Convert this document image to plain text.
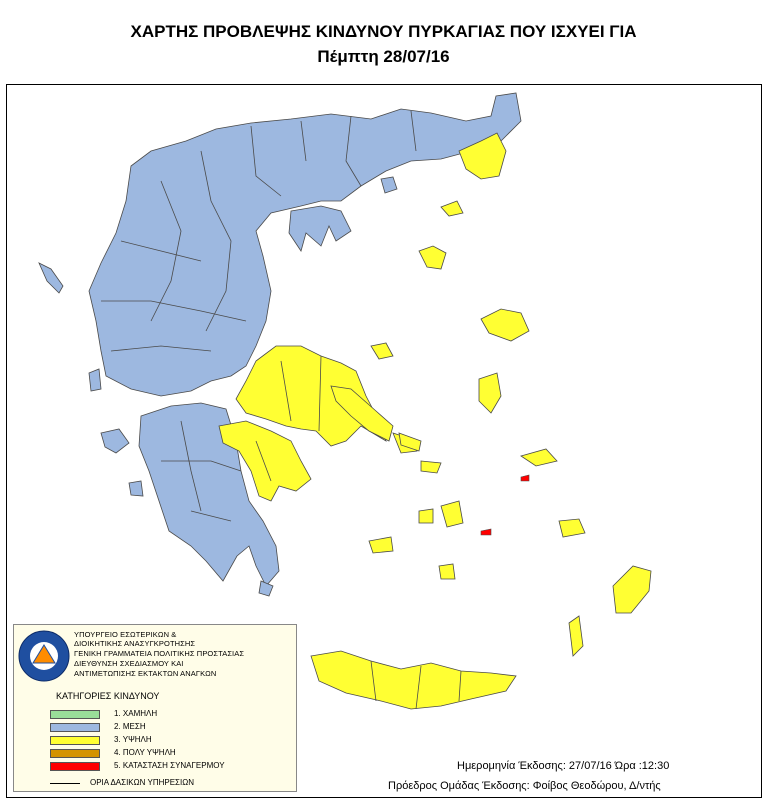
ΧΑΡΤΗΣ ΠΡΟΒΛΕΨΗΣ ΚΙΝΔΥΝΟΥ ΠΥΡΚΑΓΙΑΣ ΠΟΥ ΙΣΧΥΕΙ ΓΙΑ
Πέμπτη 28/07/16
ΥΠΟΥΡΓΕΙΟ ΕΣΩΤΕΡΙΚΩΝ &
ΔΙΟΙΚΗΤΙΚΗΣ ΑΝΑΣΥΓΚΡΟΤΗΣΗΣ
ΓΕΝΙΚΗ ΓΡΑΜΜΑΤΕΙΑ ΠΟΛΙΤΙΚΗΣ ΠΡΟΣΤΑΣΙΑΣ
ΔΙΕΥΘΥΝΣΗ ΣΧΕΔΙΑΣΜΟΥ ΚΑΙ
ΑΝΤΙΜΕΤΩΠΙΣΗΣ ΕΚΤΑΚΤΩΝ ΑΝΑΓΚΩΝ
ΚΑΤΗΓΟΡΙΕΣ ΚΙΝΔΥΝΟΥ
1. ΧΑΜΗΛΗ
2. ΜΕΣΗ
3. ΥΨΗΛΗ
4. ΠΟΛΥ ΥΨΗΛΗ
5. ΚΑΤΑΣΤΑΣΗ ΣΥΝΑΓΕΡΜΟΥ
ΟΡΙΑ ΔΑΣΙΚΩΝ ΥΠΗΡΕΣΙΩΝ
Ημερομηνία Έκδοσης: 27/07/16 Ώρα :12:30
Πρόεδρος Ομάδας Έκδοσης: Φοίβος Θεοδώρου, Δ/ντής
